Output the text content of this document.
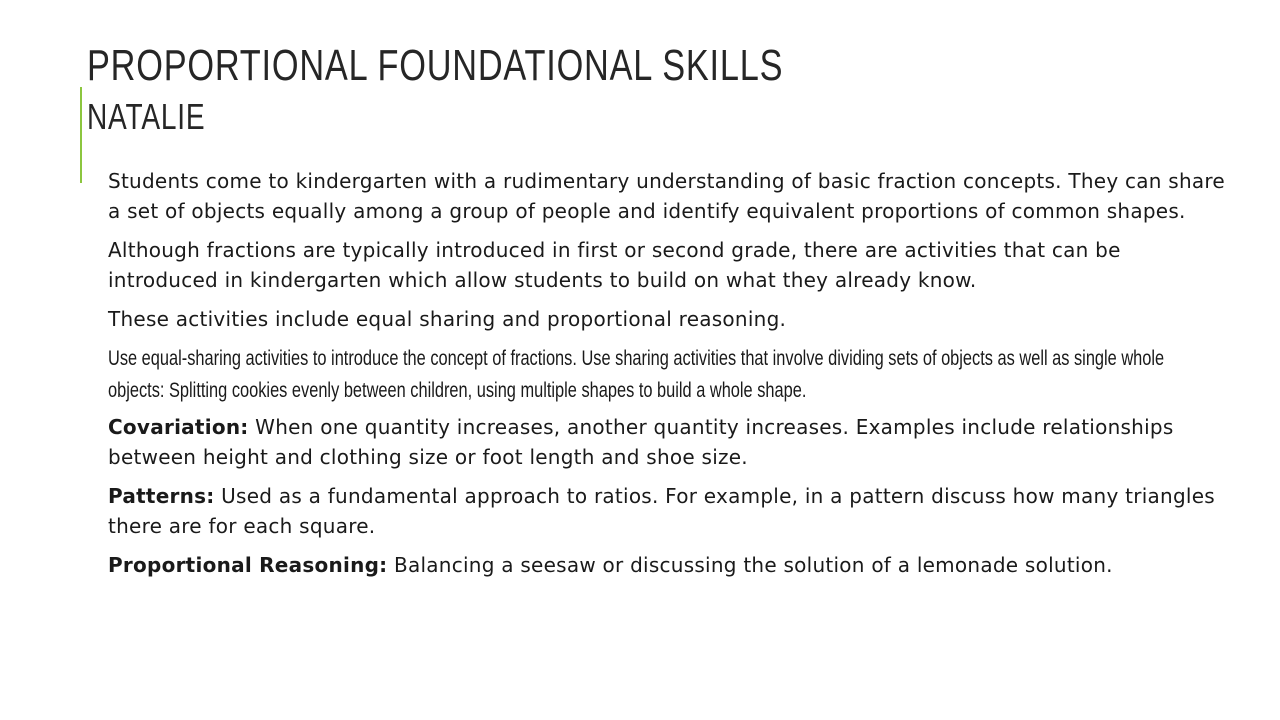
PROPORTIONAL FOUNDATIONAL SKILLS
NATALIE

Students come to kindergarten with a rudimentary understanding of basic fraction concepts. They can share a set of objects equally among a group of people and identify equivalent proportions of common shapes.

Although fractions are typically introduced in first or second grade, there are activities that can be introduced in kindergarten which allow students to build on what they already know.

These activities include equal sharing and proportional reasoning.

Use equal-sharing activities to introduce the concept of fractions. Use sharing activities that involve dividing sets of objects as well as single whole objects: Splitting cookies evenly between children, using multiple shapes to build a whole shape.

Covariation: When one quantity increases, another quantity increases. Examples include relationships between height and clothing size or foot length and shoe size.

Patterns: Used as a fundamental approach to ratios. For example, in a pattern discuss how many triangles there are for each square.

Proportional Reasoning: Balancing a seesaw or discussing the solution of a lemonade solution.
